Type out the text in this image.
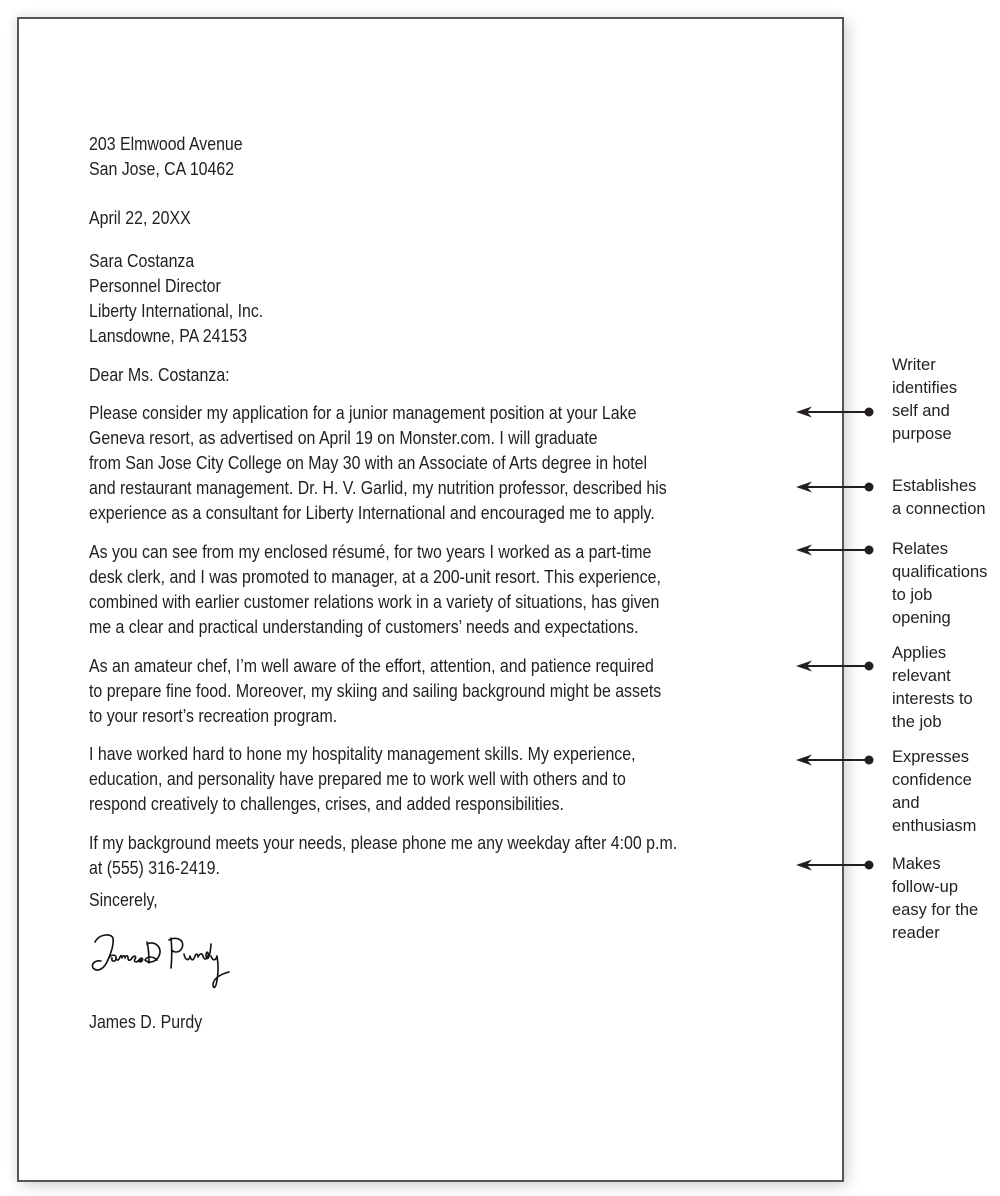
203 Elmwood Avenue
San Jose, CA 10462
April 22, 20XX
Sara Costanza
Personnel Director
Liberty International, Inc.
Lansdowne, PA 24153
Dear Ms. Costanza:
Please consider my application for a junior management position at your Lake
Geneva resort, as advertised on April 19 on Monster.com. I will graduate
from San Jose City College on May 30 with an Associate of Arts degree in hotel
and restaurant management. Dr. H. V. Garlid, my nutrition professor, described his
experience as a consultant for Liberty International and encouraged me to apply.
As you can see from my enclosed résumé, for two years I worked as a part-time
desk clerk, and I was promoted to manager, at a 200-unit resort. This experience,
combined with earlier customer relations work in a variety of situations, has given
me a clear and practical understanding of customers’ needs and expectations.
As an amateur chef, I’m well aware of the effort, attention, and patience required
to prepare fine food. Moreover, my skiing and sailing background might be assets
to your resort’s recreation program.
I have worked hard to hone my hospitality management skills. My experience,
education, and personality have prepared me to work well with others and to
respond creatively to challenges, crises, and added responsibilities.
If my background meets your needs, please phone me any weekday after 4:00 p.m.
at (555) 316-2419.
Sincerely,
James D. Purdy
Writer
identifies
self and
purpose
Establishes
a connection
Relates
qualifications
to job
opening
Applies
relevant
interests to
the job
Expresses
confidence
and
enthusiasm
Makes
follow-up
easy for the
reader
